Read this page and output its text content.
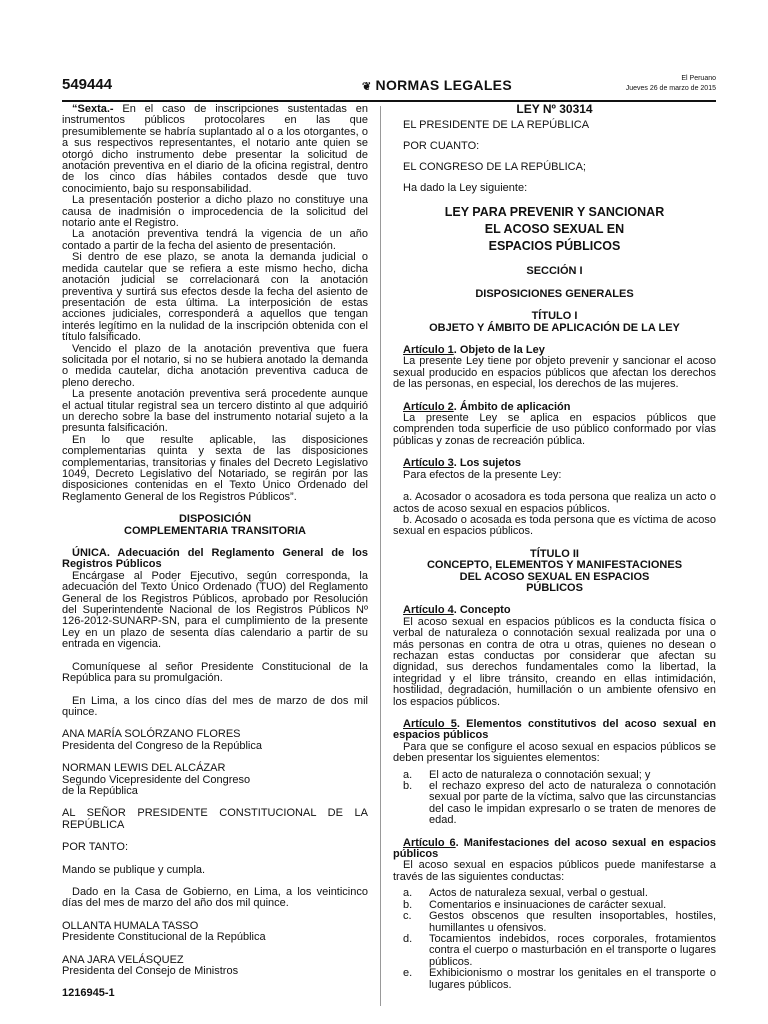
549444	❦ NORMAS LEGALES	El Peruano
Jueves 26 de marzo de 2015

“Sexta.- En el caso de inscripciones sustentadas en instrumentos públicos protocolares en las que presumiblemente se habría suplantado al o a los otorgantes, o a sus respectivos representantes, el notario ante quien se otorgó dicho instrumento debe presentar la solicitud de anotación preventiva en el diario de la oficina registral, dentro de los cinco días hábiles contados desde que tuvo conocimiento, bajo su responsabilidad.

La presentación posterior a dicho plazo no constituye una causa de inadmisión o improcedencia de la solicitud del notario ante el Registro.

La anotación preventiva tendrá la vigencia de un año contado a partir de la fecha del asiento de presentación.

Si dentro de ese plazo, se anota la demanda judicial o medida cautelar que se refiera a este mismo hecho, dicha anotación judicial se correlacionará con la anotación preventiva y surtirá sus efectos desde la fecha del asiento de presentación de esta última. La interposición de estas acciones judiciales, corresponderá a aquellos que tengan interés legítimo en la nulidad de la inscripción obtenida con el título falsificado.

Vencido el plazo de la anotación preventiva que fuera solicitada por el notario, si no se hubiera anotado la demanda o medida cautelar, dicha anotación preventiva caduca de pleno derecho.

La presente anotación preventiva será procedente aunque el actual titular registral sea un tercero distinto al que adquirió un derecho sobre la base del instrumento notarial sujeto a la presunta falsificación.

En lo que resulte aplicable, las disposiciones complementarias quinta y sexta de las disposiciones complementarias, transitorias y finales del Decreto Legislativo 1049, Decreto Legislativo del Notariado, se regirán por las disposiciones contenidas en el Texto Único Ordenado del Reglamento General de los Registros Públicos”.

DISPOSICIÓN
COMPLEMENTARIA TRANSITORIA

ÚNICA. Adecuación del Reglamento General de los Registros Públicos

Encárgase al Poder Ejecutivo, según corresponda, la adecuación del Texto Único Ordenado (TUO) del Reglamento General de los Registros Públicos, aprobado por Resolución del Superintendente Nacional de los Registros Públicos Nº 126-2012-SUNARP-SN, para el cumplimiento de la presente Ley en un plazo de sesenta días calendario a partir de su entrada en vigencia.

Comuníquese al señor Presidente Constitucional de la República para su promulgación.

En Lima, a los cinco días del mes de marzo de dos mil quince.

ANA MARÍA SOLÓRZANO FLORES
Presidenta del Congreso de la República
NORMAN LEWIS DEL ALCÁZAR
Segundo Vicepresidente del Congreso
de la República

AL SEÑOR PRESIDENTE CONSTITUCIONAL DE LA REPÚBLICA

POR TANTO:

Mando se publique y cumpla.

Dado en la Casa de Gobierno, en Lima, a los veinticinco días del mes de marzo del año dos mil quince.

OLLANTA HUMALA TASSO
Presidente Constitucional de la República
ANA JARA VELÁSQUEZ
Presidenta del Consejo de Ministros
1216945-1
LEY Nº 30314
EL PRESIDENTE DE LA REPÚBLICA
POR CUANTO:
EL CONGRESO DE LA REPÚBLICA;
Ha dado la Ley siguiente:
LEY PARA PREVENIR Y SANCIONAR
EL ACOSO SEXUAL EN
ESPACIOS PÚBLICOS
SECCIÓN I
DISPOSICIONES GENERALES
TÍTULO I
OBJETO Y ÁMBITO DE APLICACIÓN DE LA LEY

Artículo 1. Objeto de la Ley

La presente Ley tiene por objeto prevenir y sancionar el acoso sexual producido en espacios públicos que afectan los derechos de las personas, en especial, los derechos de las mujeres.

Artículo 2. Ámbito de aplicación

La presente Ley se aplica en espacios públicos que comprenden toda superficie de uso público conformado por vías públicas y zonas de recreación pública.

Artículo 3. Los sujetos

Para efectos de la presente Ley:

a. Acosador o acosadora es toda persona que realiza un acto o actos de acoso sexual en espacios públicos.

b. Acosado o acosada es toda persona que es víctima de acoso sexual en espacios públicos.

TÍTULO II
CONCEPTO, ELEMENTOS Y MANIFESTACIONES
DEL ACOSO SEXUAL EN ESPACIOS
PÚBLICOS

Artículo 4. Concepto

El acoso sexual en espacios públicos es la conducta física o verbal de naturaleza o connotación sexual realizada por una o más personas en contra de otra u otras, quienes no desean o rechazan estas conductas por considerar que afectan su dignidad, sus derechos fundamentales como la libertad, la integridad y el libre tránsito, creando en ellas intimidación, hostilidad, degradación, humillación o un ambiente ofensivo en los espacios públicos.

Artículo 5. Elementos constitutivos del acoso sexual en espacios públicos

Para que se configure el acoso sexual en espacios públicos se deben presentar los siguientes elementos:

a.	El acto de naturaleza o connotación sexual; y
b.	el rechazo expreso del acto de naturaleza o connotación sexual por parte de la víctima, salvo que las circunstancias del caso le impidan expresarlo o se traten de menores de edad.

Artículo 6. Manifestaciones del acoso sexual en espacios públicos

El acoso sexual en espacios públicos puede manifestarse a través de las siguientes conductas:

a.	Actos de naturaleza sexual, verbal o gestual.
b.	Comentarios e insinuaciones de carácter sexual.
c.	Gestos obscenos que resulten insoportables, hostiles, humillantes u ofensivos.
d.	Tocamientos indebidos, roces corporales, frotamientos contra el cuerpo o masturbación en el transporte o lugares públicos.
e.	Exhibicionismo o mostrar los genitales en el transporte o lugares públicos.
